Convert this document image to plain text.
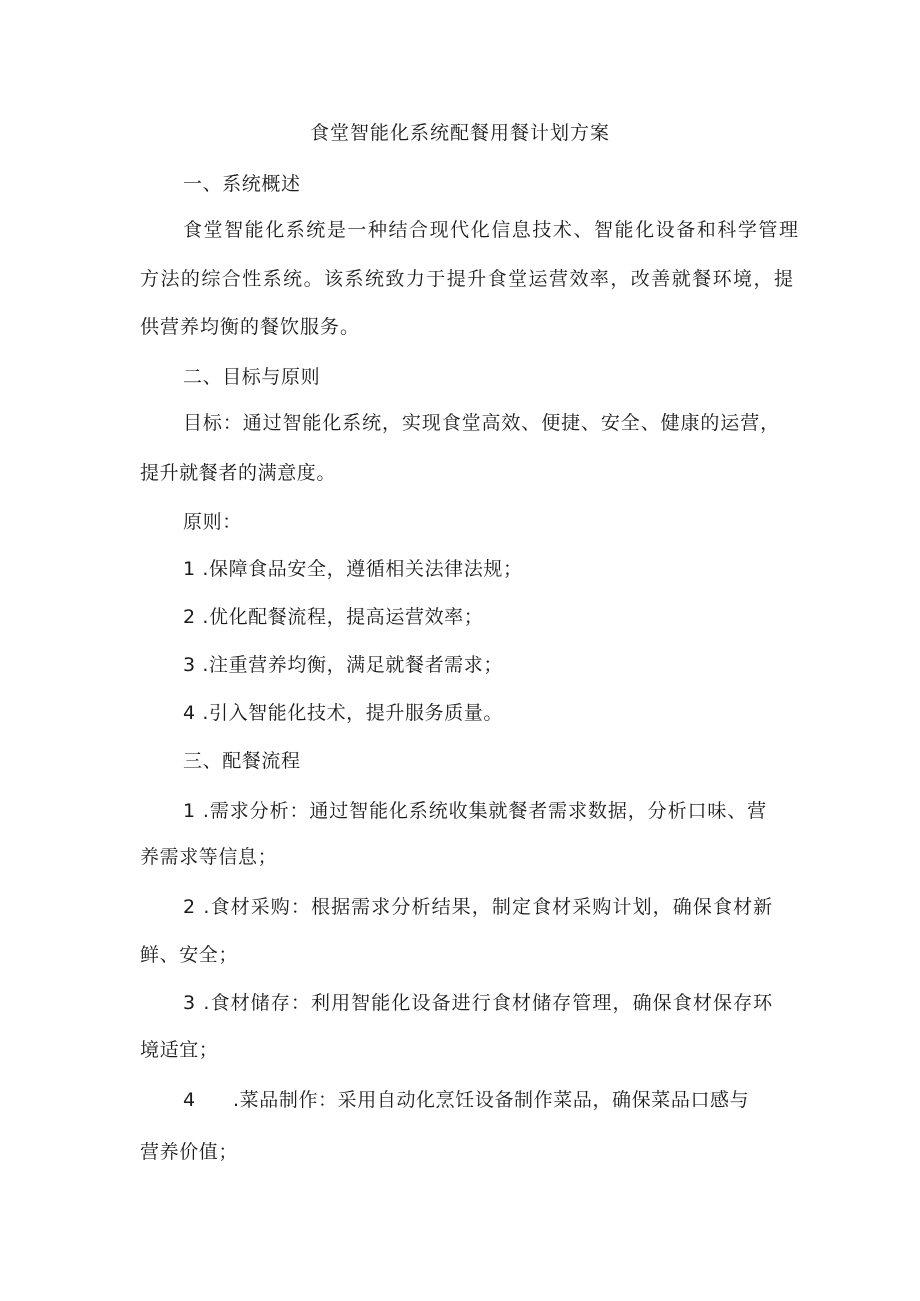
食堂智能化系统配餐用餐计划方案
一、系统概述
食堂智能化系统是一种结合现代化信息技术、智能化设备和科学管理
方法的综合性系统。该系统致力于提升食堂运营效率，改善就餐环境，提
供营养均衡的餐饮服务。
二、目标与原则
目标：通过智能化系统，实现食堂高效、便捷、安全、健康的运营，
提升就餐者的满意度。
原则：
1 .保障食品安全，遵循相关法律法规；
2 .优化配餐流程，提高运营效率；
3 .注重营养均衡，满足就餐者需求；
4 .引入智能化技术，提升服务质量。
三、配餐流程
1 .需求分析：通过智能化系统收集就餐者需求数据，分析口味、营
养需求等信息；
2 .食材采购：根据需求分析结果，制定食材采购计划，确保食材新
鲜、安全；
3 .食材储存：利用智能化设备进行食材储存管理，确保食材保存环
境适宜；
4 .菜品制作：采用自动化烹饪设备制作菜品，确保菜品口感与
营养价值；
